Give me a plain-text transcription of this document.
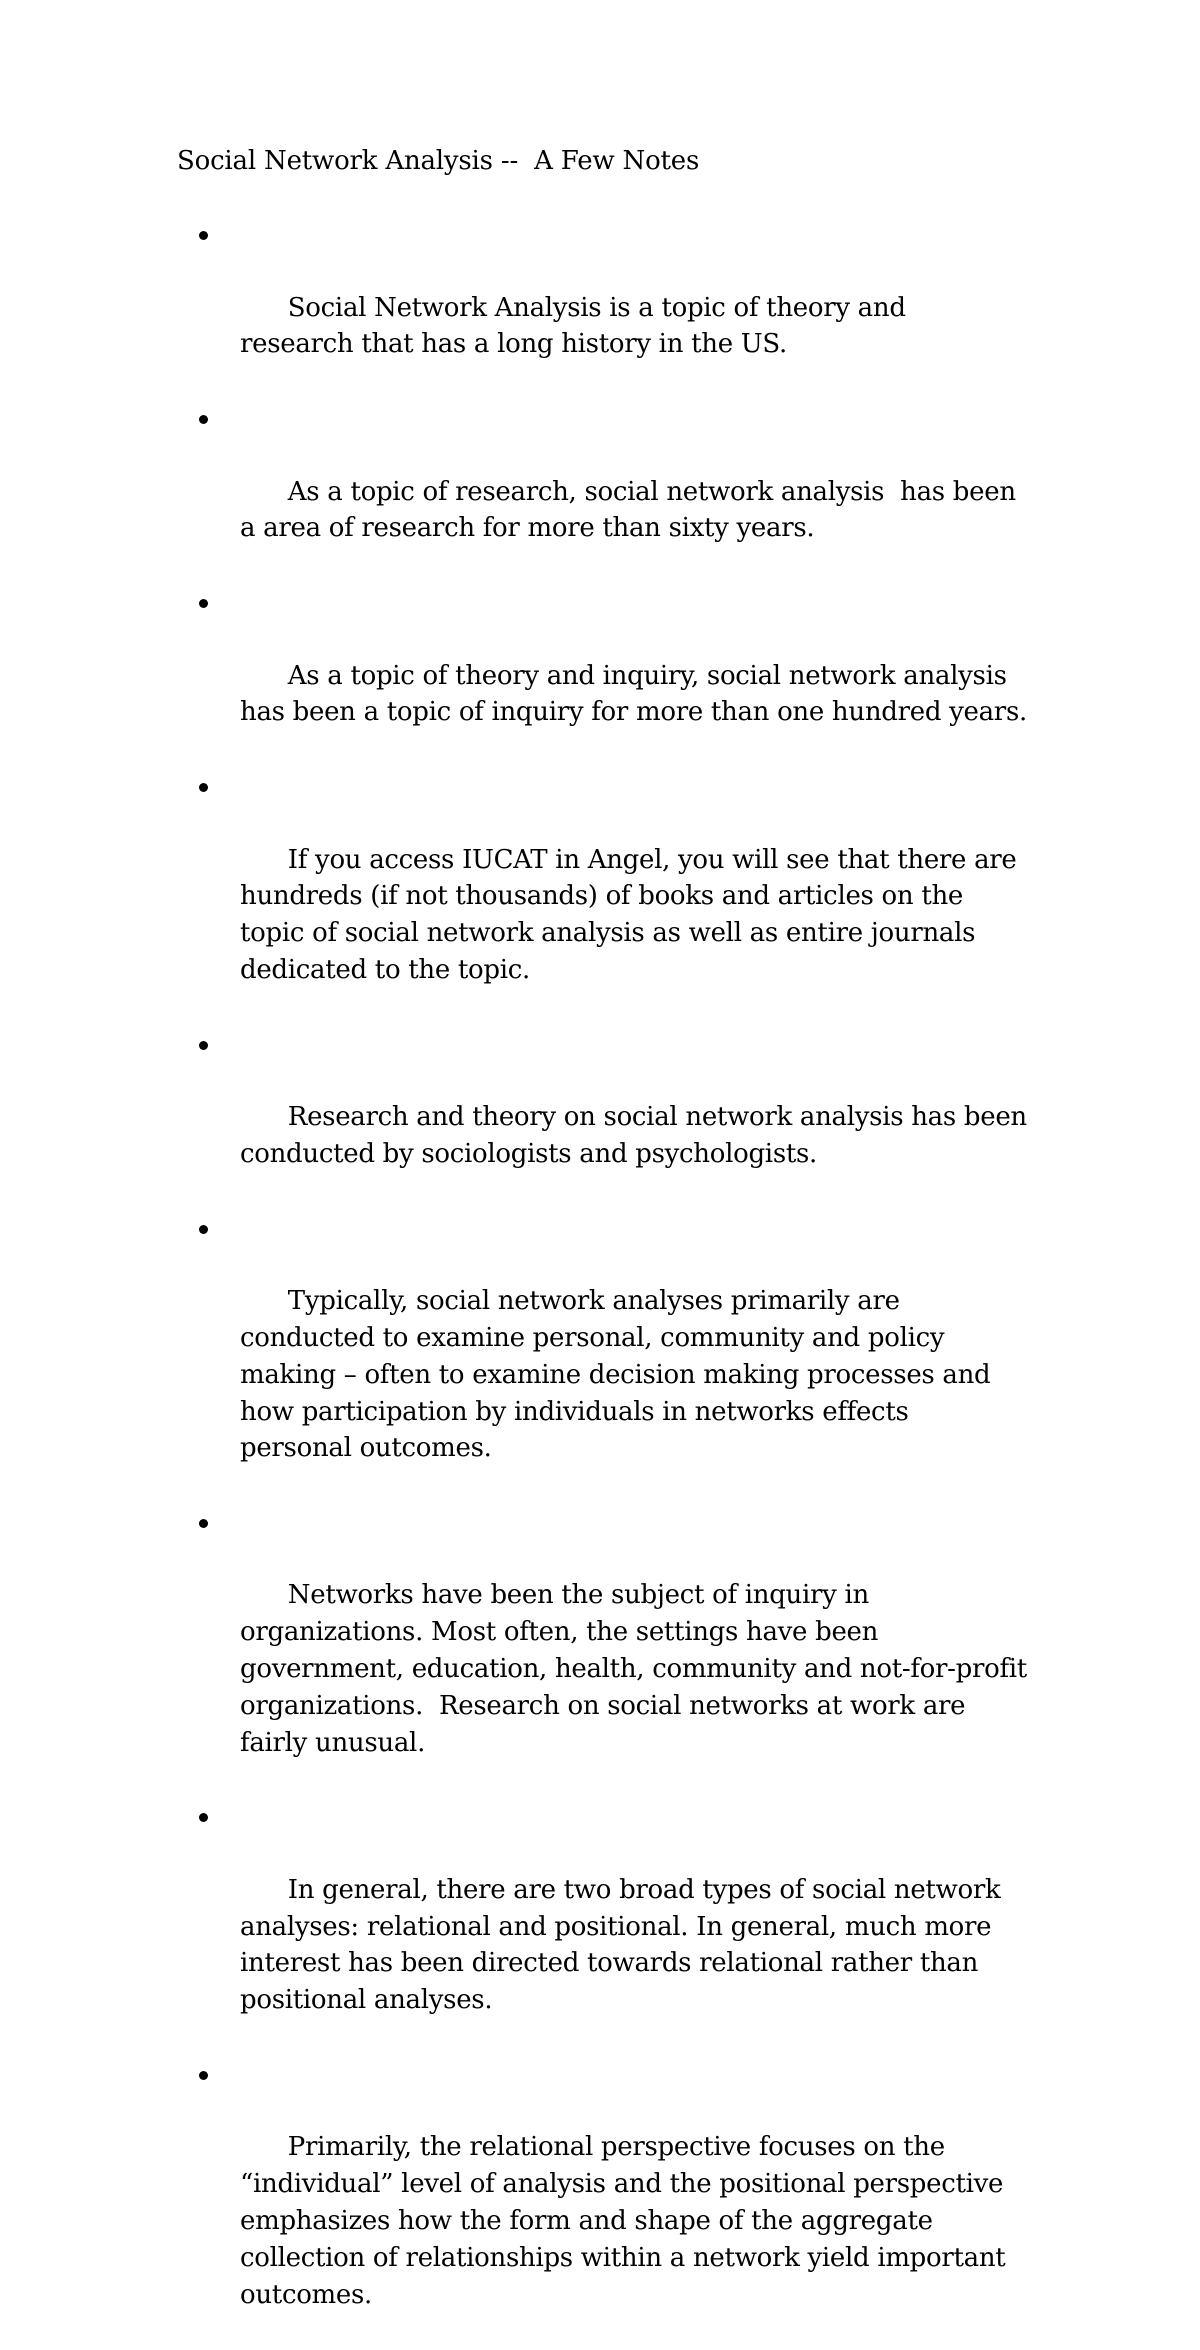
Social Network Analysis --  A Few Notes

Social Network Analysis is a topic of theory and research that has a long history in the US.

As a topic of research, social network analysis  has been a area of research for more than sixty years.

As a topic of theory and inquiry, social network analysis has been a topic of inquiry for more than one hundred years.

If you access IUCAT in Angel, you will see that there are hundreds (if not thousands) of books and articles on the topic of social network analysis as well as entire journals dedicated to the topic.

Research and theory on social network analysis has been conducted by sociologists and psychologists.

Typically, social network analyses primarily are conducted to examine personal, community and policy making – often to examine decision making processes and how participation by individuals in networks effects personal outcomes.

Networks have been the subject of inquiry in organizations. Most often, the settings have been government, education, health, community and not-for-profit organizations.  Research on social networks at work are fairly unusual.

In general, there are two broad types of social network analyses: relational and positional. In general, much more interest has been directed towards relational rather than positional analyses.

Primarily, the relational perspective focuses on the “individual” level of analysis and the positional perspective emphasizes how the form and shape of the aggregate collection of relationships within a network yield important outcomes.
